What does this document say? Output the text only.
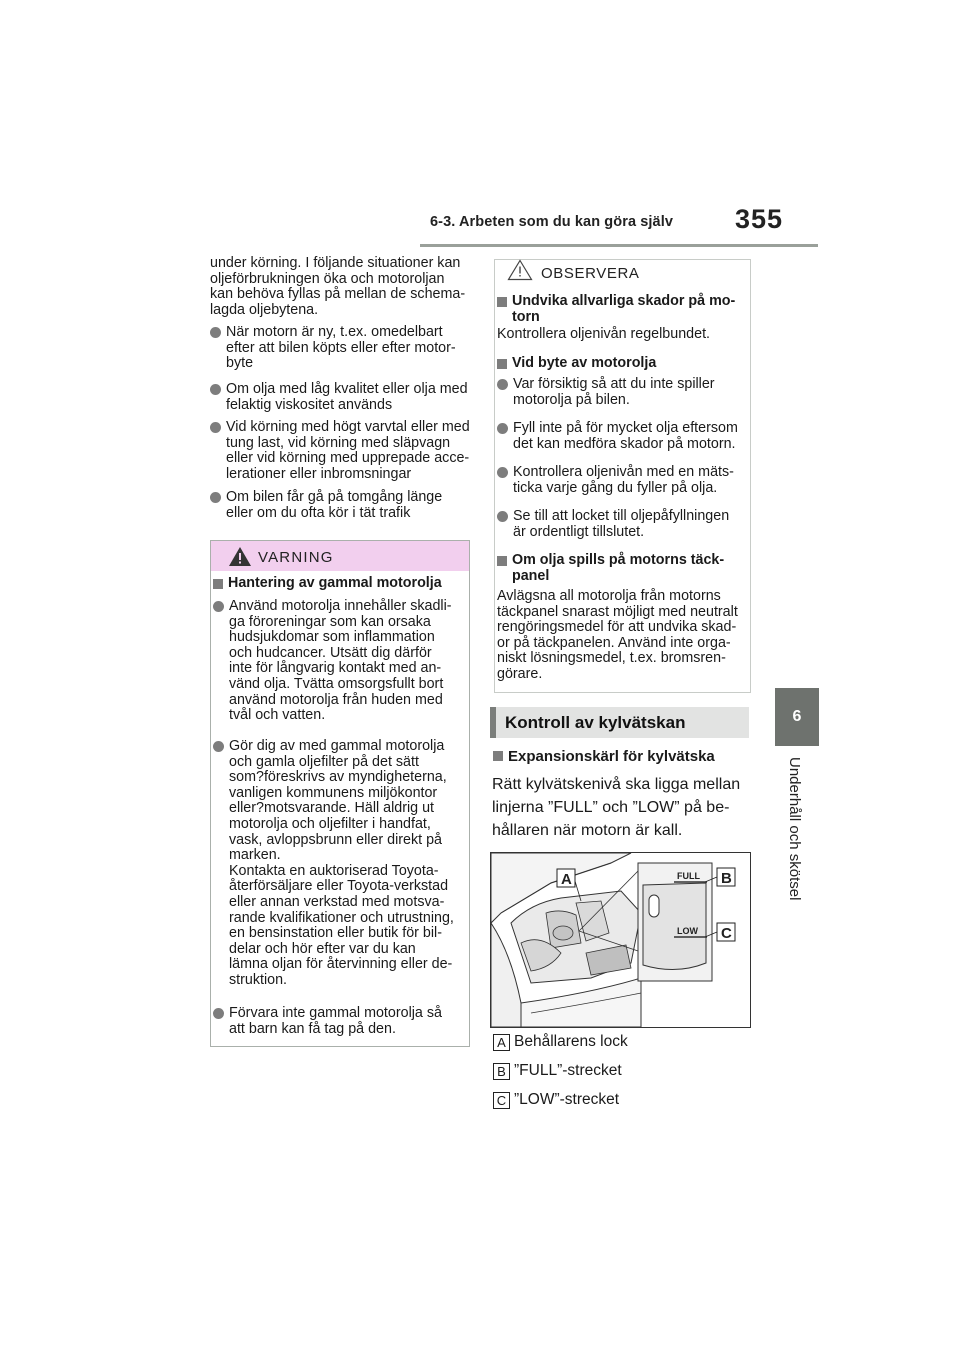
6-3. Arbeten som du kan göra själv 355
6
Underhåll och skötsel
under körning. I följande situationer kan
oljeförbrukningen öka och motoroljan
kan behöva fyllas på mellan de schema-
lagda oljebytena.
När motorn är ny, t.ex. omedelbart
efter att bilen köpts eller efter motor-
byte
Om olja med låg kvalitet eller olja med
felaktig viskositet används
Vid körning med högt varvtal eller med
tung last, vid körning med släpvagn
eller vid körning med upprepade acce-
lerationer eller inbromsningar
Om bilen får gå på tomgång länge
eller om du ofta kör i tät trafik
VARNING
Hantering av gammal motorolja
Använd motorolja innehåller skadli-
ga föroreningar som kan orsaka
hudsjukdomar som inflammation
och hudcancer. Utsätt dig därför
inte för långvarig kontakt med an-
vänd olja. Tvätta omsorgsfullt bort
använd motorolja från huden med
tvål och vatten.
Gör dig av med gammal motorolja
och gamla oljefilter på det sätt
som?föreskrivs av myndigheterna,
vanligen kommunens miljökontor
eller?motsvarande. Häll aldrig ut
motorolja och oljefilter i handfat,
vask, avloppsbrunn eller direkt på
marken.
Kontakta en auktoriserad Toyota-
återförsäljare eller Toyota-verkstad
eller annan verkstad med motsva-
rande kvalifikationer och utrustning,
en bensinstation eller butik för bil-
delar och hör efter var du kan
lämna oljan för återvinning eller de-
struktion.
Förvara inte gammal motorolja så
att barn kan få tag på den.
OBSERVERA
Undvika allvarliga skador på mo-
torn
Kontrollera oljenivån regelbundet.
Vid byte av motorolja
Var försiktig så att du inte spiller
motorolja på bilen.
Fyll inte på för mycket olja eftersom
det kan medföra skador på motorn.
Kontrollera oljenivån med en mäts-
ticka varje gång du fyller på olja.
Se till att locket till oljepåfyllningen
är ordentligt tillslutet.
Om olja spills på motorns täck-
panel
Avlägsna all motorolja från motorns
täckpanel snarast möjligt med neutralt
rengöringsmedel för att undvika skad-
or på täckpanelen. Använd inte orga-
niskt lösningsmedel, t.ex. bromsren-
görare.
Kontroll av kylvätskan
Expansionskärl för kylvätska
Rätt kylvätskenivå ska ligga mellan
linjerna ”FULL” och ”LOW” på be-
hållaren när motorn är kall.
FULL
LOW
A	B
C
A Behållarens lock
B ”FULL”-strecket
C ”LOW”-strecket
